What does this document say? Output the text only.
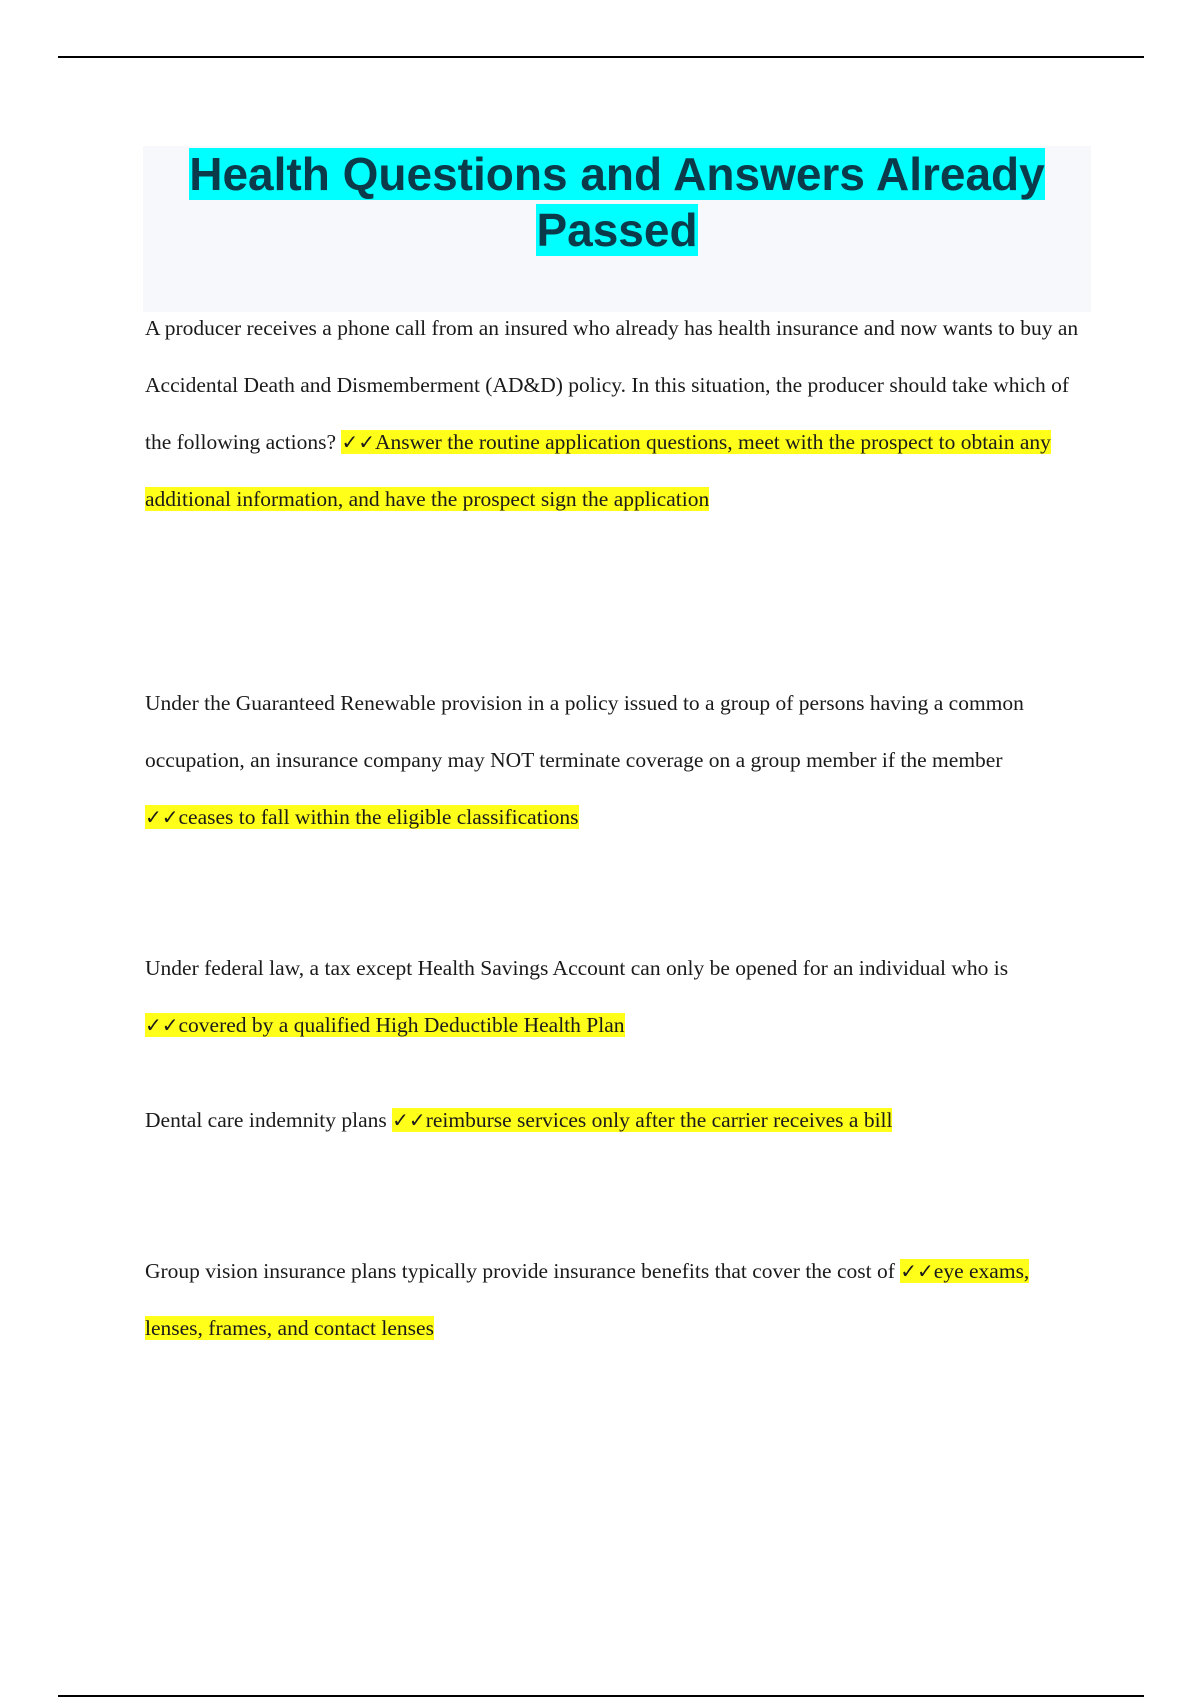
Health Questions and Answers Already Passed

A producer receives a phone call from an insured who already has health insurance and now wants to buy an Accidental Death and Dismemberment (AD&D) policy. In this situation, the producer should take which of the following actions? ✓✓Answer the routine application questions, meet with the prospect to obtain any additional information, and have the prospect sign the application

Under the Guaranteed Renewable provision in a policy issued to a group of persons having a common occupation, an insurance company may NOT terminate coverage on a group member if the member ✓✓ceases to fall within the eligible classifications

Under federal law, a tax except Health Savings Account can only be opened for an individual who is ✓✓covered by a qualified High Deductible Health Plan

Dental care indemnity plans ✓✓reimburse services only after the carrier receives a bill

Group vision insurance plans typically provide insurance benefits that cover the cost of ✓✓eye exams, lenses, frames, and contact lenses
